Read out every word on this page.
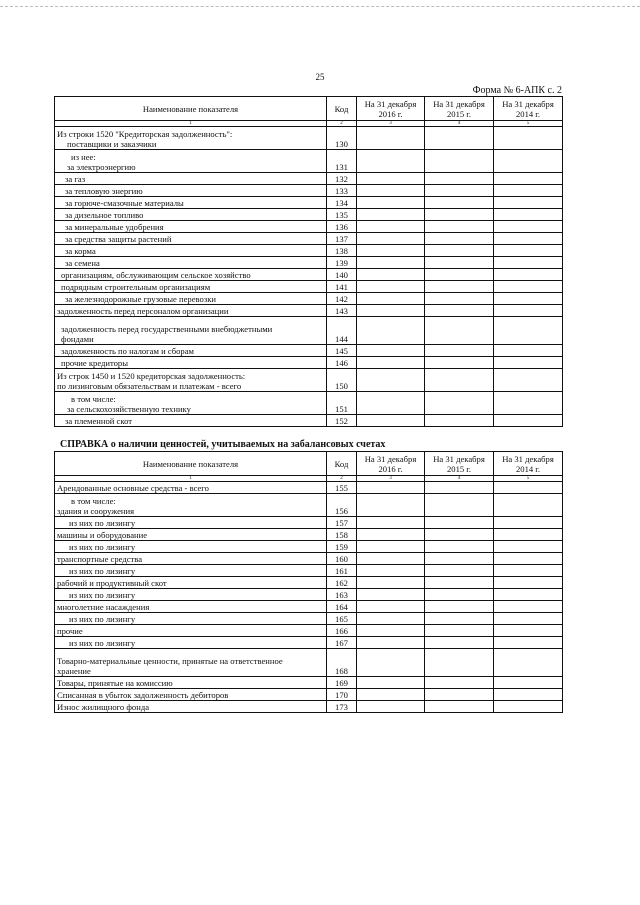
25
Форма № 6-АПК с. 2
Наименование показателя	Код	На 31 декабря 2016 г.	На 31 декабря 2015 г.	На 31 декабря 2014 г.
1	2	3	4	5

Из строки 1520 "Кредиторская задолженность":
поставщики и заказчики	130			

из нее:
за электроэнергию	131			
за газ	132			
за тепловую энергию	133			
за горюче-смазочные материалы	134			
за дизельное топливо	135			
за минеральные удобрения	136			
за средства защиты растений	137			
за корма	138			
за семена	139			
организациям, обслуживающим сельское хозяйство	140			
подрядным строительным организациям	141			
за железнодорожные грузовые перевозки	142			
задолженность перед персоналом организации	143			

задолженность перед государственными внебюджетными
фондами	144			
задолженность по налогам и сборам	145			
прочие кредиторы	146			

Из строк 1450 и 1520 кредиторская задолженность:
по лизинговым обязательствам и платежам - всего	150			

в том числе:
за сельскохозяйственную технику	151			
за племенной скот	152			
СПРАВКА о наличии ценностей, учитываемых на забалансовых счетах
Наименование показателя	Код	На 31 декабря 2016 г.	На 31 декабря 2015 г.	На 31 декабря 2014 г.
1	2	3	4	5
Арендованные основные средства - всего	155			

в том числе:
здания и сооружения	156			
из них по лизингу	157			
машины и оборудование	158			
из них по лизингу	159			
транспортные средства	160			
из них по лизингу	161			
рабочий и продуктивный скот	162			
из них по лизингу	163			
многолетние насаждения	164			
из них по лизингу	165			
прочие	166			
из них по лизингу	167			

Товарно-материальные ценности, принятые на ответственное
хранение	168			
Товары, принятые на комиссию	169			
Списанная в убыток задолженность дебиторов	170			
Износ жилищного фонда	173			
